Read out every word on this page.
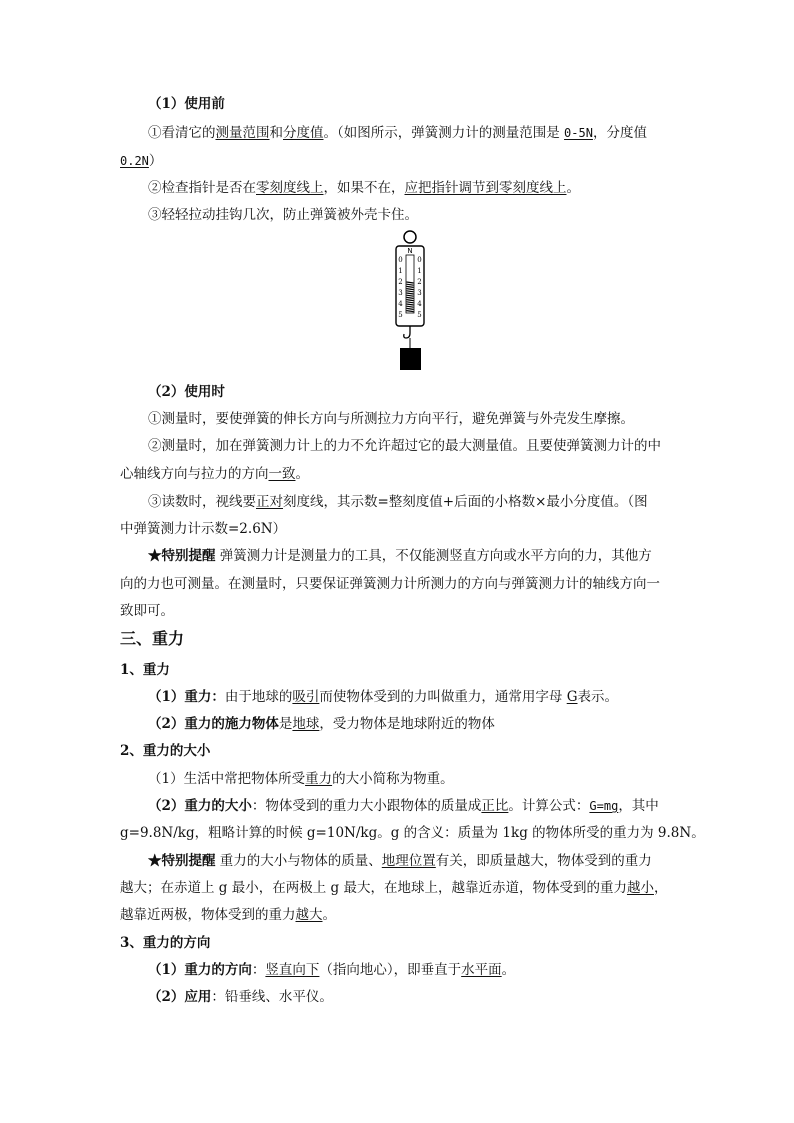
（1）使用前
①看清它的测量范围和分度值。（如图所示，弹簧测力计的测量范围是 0-5N，分度值
0.2N）
②检查指针是否在零刻度线上，如果不在，应把指针调节到零刻度线上。
③轻轻拉动挂钩几次，防止弹簧被外壳卡住。
N
0
1
2
3
4
5
0
1
2
3
4
5
（2）使用时
①测量时，要使弹簧的伸长方向与所测拉力方向平行，避免弹簧与外壳发生摩擦。
②测量时，加在弹簧测力计上的力不允许超过它的最大测量值。且要使弹簧测力计的中
心轴线方向与拉力的方向一致。
③读数时，视线要正对刻度线，其示数=整刻度值+后面的小格数×最小分度值。（图
中弹簧测力计示数=2.6N）
★特别提醒 弹簧测力计是测量力的工具，不仅能测竖直方向或水平方向的力，其他方
向的力也可测量。在测量时，只要保证弹簧测力计所测力的方向与弹簧测力计的轴线方向一
致即可。
三、重力
1、重力
（1）重力：由于地球的吸引而使物体受到的力叫做重力，通常用字母 G表示。
（2）重力的施力物体是地球，受力物体是地球附近的物体
2、重力的大小
（1）生活中常把物体所受重力的大小简称为物重。
（2）重力的大小：物体受到的重力大小跟物体的质量成正比。计算公式：G=mg，其中
g=9.8N/kg，粗略计算的时候 g=10N/kg。g 的含义：质量为 1kg 的物体所受的重力为 9.8N。
★特别提醒 重力的大小与物体的质量、地理位置有关，即质量越大，物体受到的重力
越大；在赤道上 g 最小，在两极上 g 最大，在地球上，越靠近赤道，物体受到的重力越小，
越靠近两极，物体受到的重力越大。
3、重力的方向
（1）重力的方向：竖直向下（指向地心），即垂直于水平面。
（2）应用：铅垂线、水平仪。
